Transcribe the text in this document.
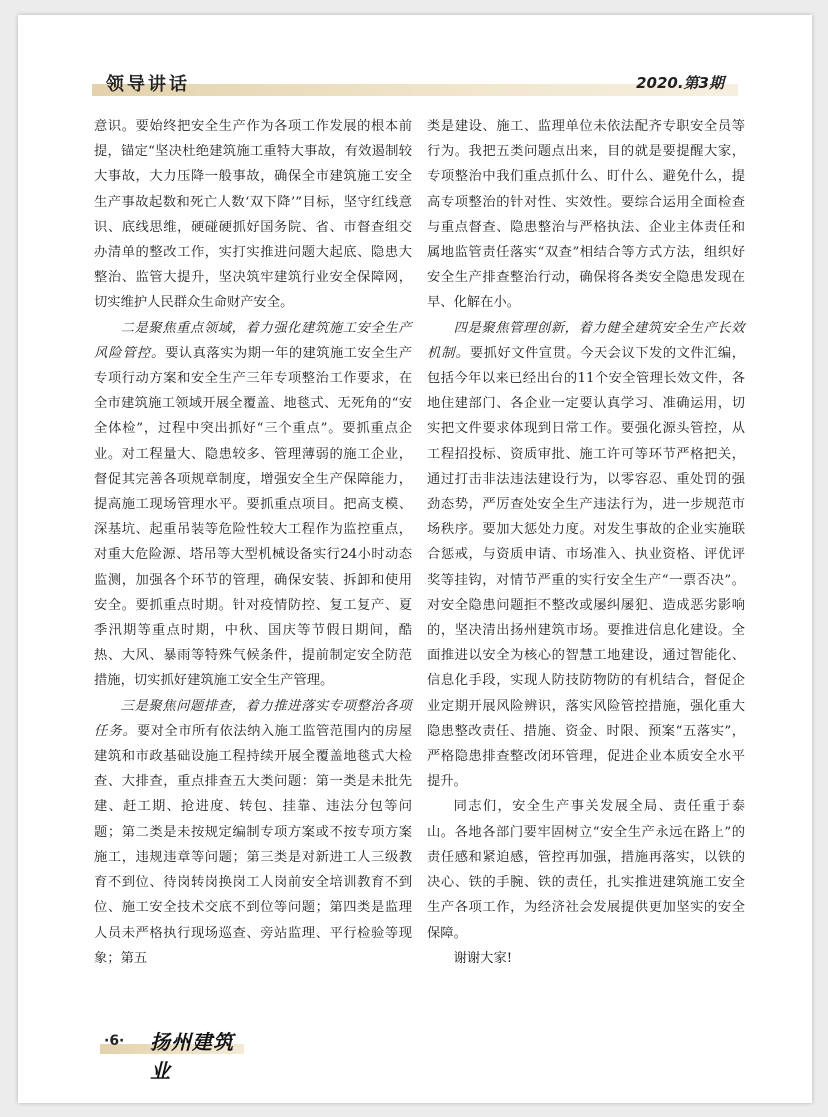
领导讲话	2020.第3期

意识。要始终把安全生产作为各项工作发展的根本前提，锚定“坚决杜绝建筑施工重特大事故，有效遏制较大事故，大力压降一般事故，确保全市建筑施工安全生产事故起数和死亡人数‘双下降’”目标，坚守红线意识、底线思维，硬碰硬抓好国务院、省、市督查组交办清单的整改工作，实打实推进问题大起底、隐患大整治、监管大提升，坚决筑牢建筑行业安全保障网，切实维护人民群众生命财产安全。

二是聚焦重点领域，着力强化建筑施工安全生产风险管控。要认真落实为期一年的建筑施工安全生产专项行动方案和安全生产三年专项整治工作要求，在全市建筑施工领域开展全覆盖、地毯式、无死角的“安全体检”，过程中突出抓好“三个重点”。要抓重点企业。对工程量大、隐患较多、管理薄弱的施工企业，督促其完善各项规章制度，增强安全生产保障能力，提高施工现场管理水平。要抓重点项目。把高支模、深基坑、起重吊装等危险性较大工程作为监控重点，对重大危险源、塔吊等大型机械设备实行24小时动态监测，加强各个环节的管理，确保安装、拆卸和使用安全。要抓重点时期。针对疫情防控、复工复产、夏季汛期等重点时期，中秋、国庆等节假日期间，酷热、大风、暴雨等特殊气候条件，提前制定安全防范措施，切实抓好建筑施工安全生产管理。

三是聚焦问题排查，着力推进落实专项整治各项任务。要对全市所有依法纳入施工监管范围内的房屋建筑和市政基础设施工程持续开展全覆盖地毯式大检查、大排查，重点排查五大类问题：第一类是未批先建、赶工期、抢进度、转包、挂靠、违法分包等问题；第二类是未按规定编制专项方案或不按专项方案施工，违规违章等问题；第三类是对新进工人三级教育不到位、待岗转岗换岗工人岗前安全培训教育不到位、施工安全技术交底不到位等问题；第四类是监理人员未严格执行现场巡查、旁站监理、平行检验等现象；第五

类是建设、施工、监理单位未依法配齐专职安全员等行为。我把五类问题点出来，目的就是要提醒大家，专项整治中我们重点抓什么、盯什么、避免什么，提高专项整治的针对性、实效性。要综合运用全面检查与重点督查、隐患整治与严格执法、企业主体责任和属地监管责任落实“双查”相结合等方式方法，组织好安全生产排查整治行动，确保将各类安全隐患发现在早、化解在小。

四是聚焦管理创新，着力健全建筑安全生产长效机制。要抓好文件宣贯。今天会议下发的文件汇编，包括今年以来已经出台的11个安全管理长效文件，各地住建部门、各企业一定要认真学习、准确运用，切实把文件要求体现到日常工作。要强化源头管控，从工程招投标、资质审批、施工许可等环节严格把关，通过打击非法违法建设行为，以零容忍、重处罚的强劲态势，严厉查处安全生产违法行为，进一步规范市场秩序。要加大惩处力度。对发生事故的企业实施联合惩戒，与资质申请、市场准入、执业资格、评优评奖等挂钩，对情节严重的实行安全生产“一票否决”。对安全隐患问题拒不整改或屡纠屡犯、造成恶劣影响的，坚决清出扬州建筑市场。要推进信息化建设。全面推进以安全为核心的智慧工地建设，通过智能化、信息化手段，实现人防技防物防的有机结合，督促企业定期开展风险辨识，落实风险管控措施，强化重大隐患整改责任、措施、资金、时限、预案“五落实”，严格隐患排查整改闭环管理，促进企业本质安全水平提升。

同志们，安全生产事关发展全局、责任重于泰山。各地各部门要牢固树立“安全生产永远在路上”的责任感和紧迫感，管控再加强，措施再落实，以铁的决心、铁的手腕、铁的责任，扎实推进建筑施工安全生产各项工作，为经济社会发展提供更加坚实的安全保障。

谢谢大家!

·6· 扬州建筑业
